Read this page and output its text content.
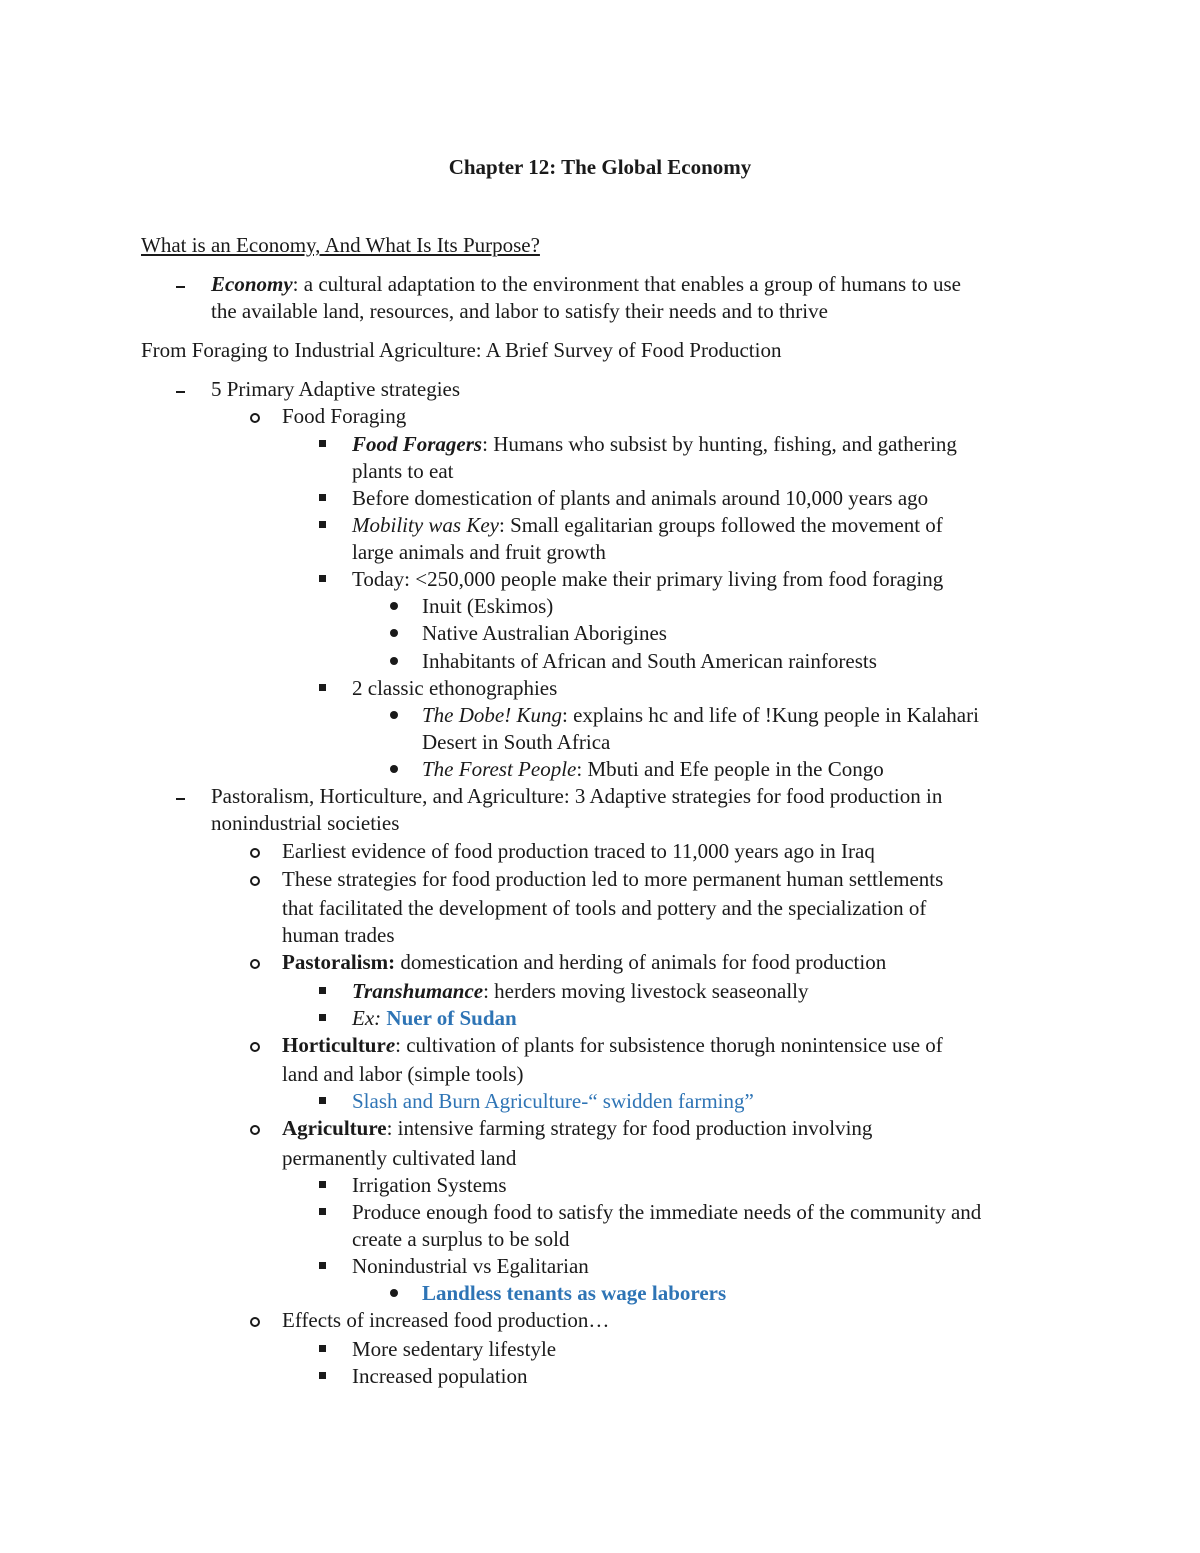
Chapter 12: The Global Economy
What is an Economy, And What Is Its Purpose?
Economy: a cultural adaptation to the environment that enables a group of humans to use
the available land, resources, and labor to satisfy their needs and to thrive
From Foraging to Industrial Agriculture: A Brief Survey of Food Production
5 Primary Adaptive strategies
Food Foraging
Food Foragers: Humans who subsist by hunting, fishing, and gathering
plants to eat
Before domestication of plants and animals around 10,000 years ago
Mobility was Key: Small egalitarian groups followed the movement of
large animals and fruit growth
Today: <250,000 people make their primary living from food foraging
Inuit (Eskimos)
Native Australian Aborigines
Inhabitants of African and South American rainforests
2 classic ethonographies
The Dobe! Kung: explains hc and life of !Kung people in Kalahari
Desert in South Africa
The Forest People: Mbuti and Efe people in the Congo
Pastoralism, Horticulture, and Agriculture: 3 Adaptive strategies for food production in
nonindustrial societies
Earliest evidence of food production traced to 11,000 years ago in Iraq
These strategies for food production led to more permanent human settlements
that facilitated the development of tools and pottery and the specialization of
human trades
Pastoralism: domestication and herding of animals for food production
Transhumance: herders moving livestock seaseonally
Ex: Nuer of Sudan
Horticulture: cultivation of plants for subsistence thorugh nonintensice use of
land and labor (simple tools)
Slash and Burn Agriculture-“ swidden farming”
Agriculture: intensive farming strategy for food production involving
permanently cultivated land
Irrigation Systems
Produce enough food to satisfy the immediate needs of the community and
create a surplus to be sold
Nonindustrial vs Egalitarian
Landless tenants as wage laborers
Effects of increased food production…
More sedentary lifestyle
Increased population
